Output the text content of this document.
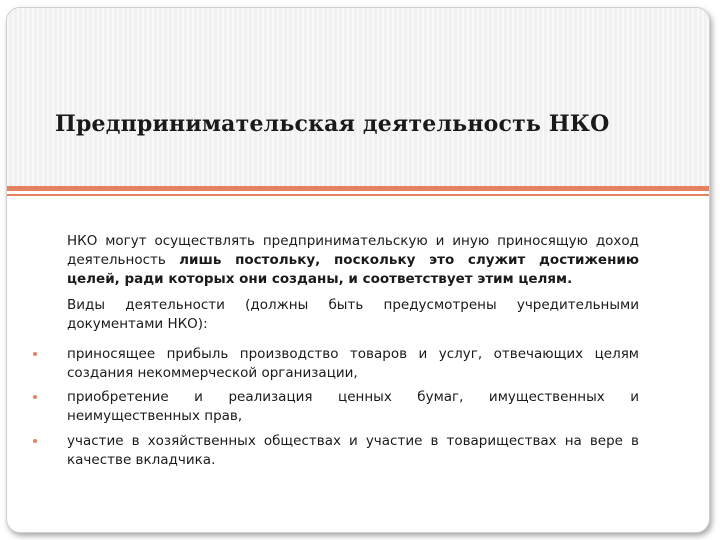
Предпринимательская деятельность НКО

НКО могут осуществлять предпринимательскую и иную приносящую доход деятельность лишь постольку, поскольку это служит достижению целей, ради которых они созданы, и соответствует этим целям.

Виды деятельности (должны быть предусмотрены учредительными документами НКО):

приносящее прибыль производство товаров и услуг, отвечающих целям создания некоммерческой организации,

приобретение и реализация ценных бумаг, имущественных и неимущественных прав,

участие в хозяйственных обществах и участие в товариществах на вере в качестве вкладчика.
